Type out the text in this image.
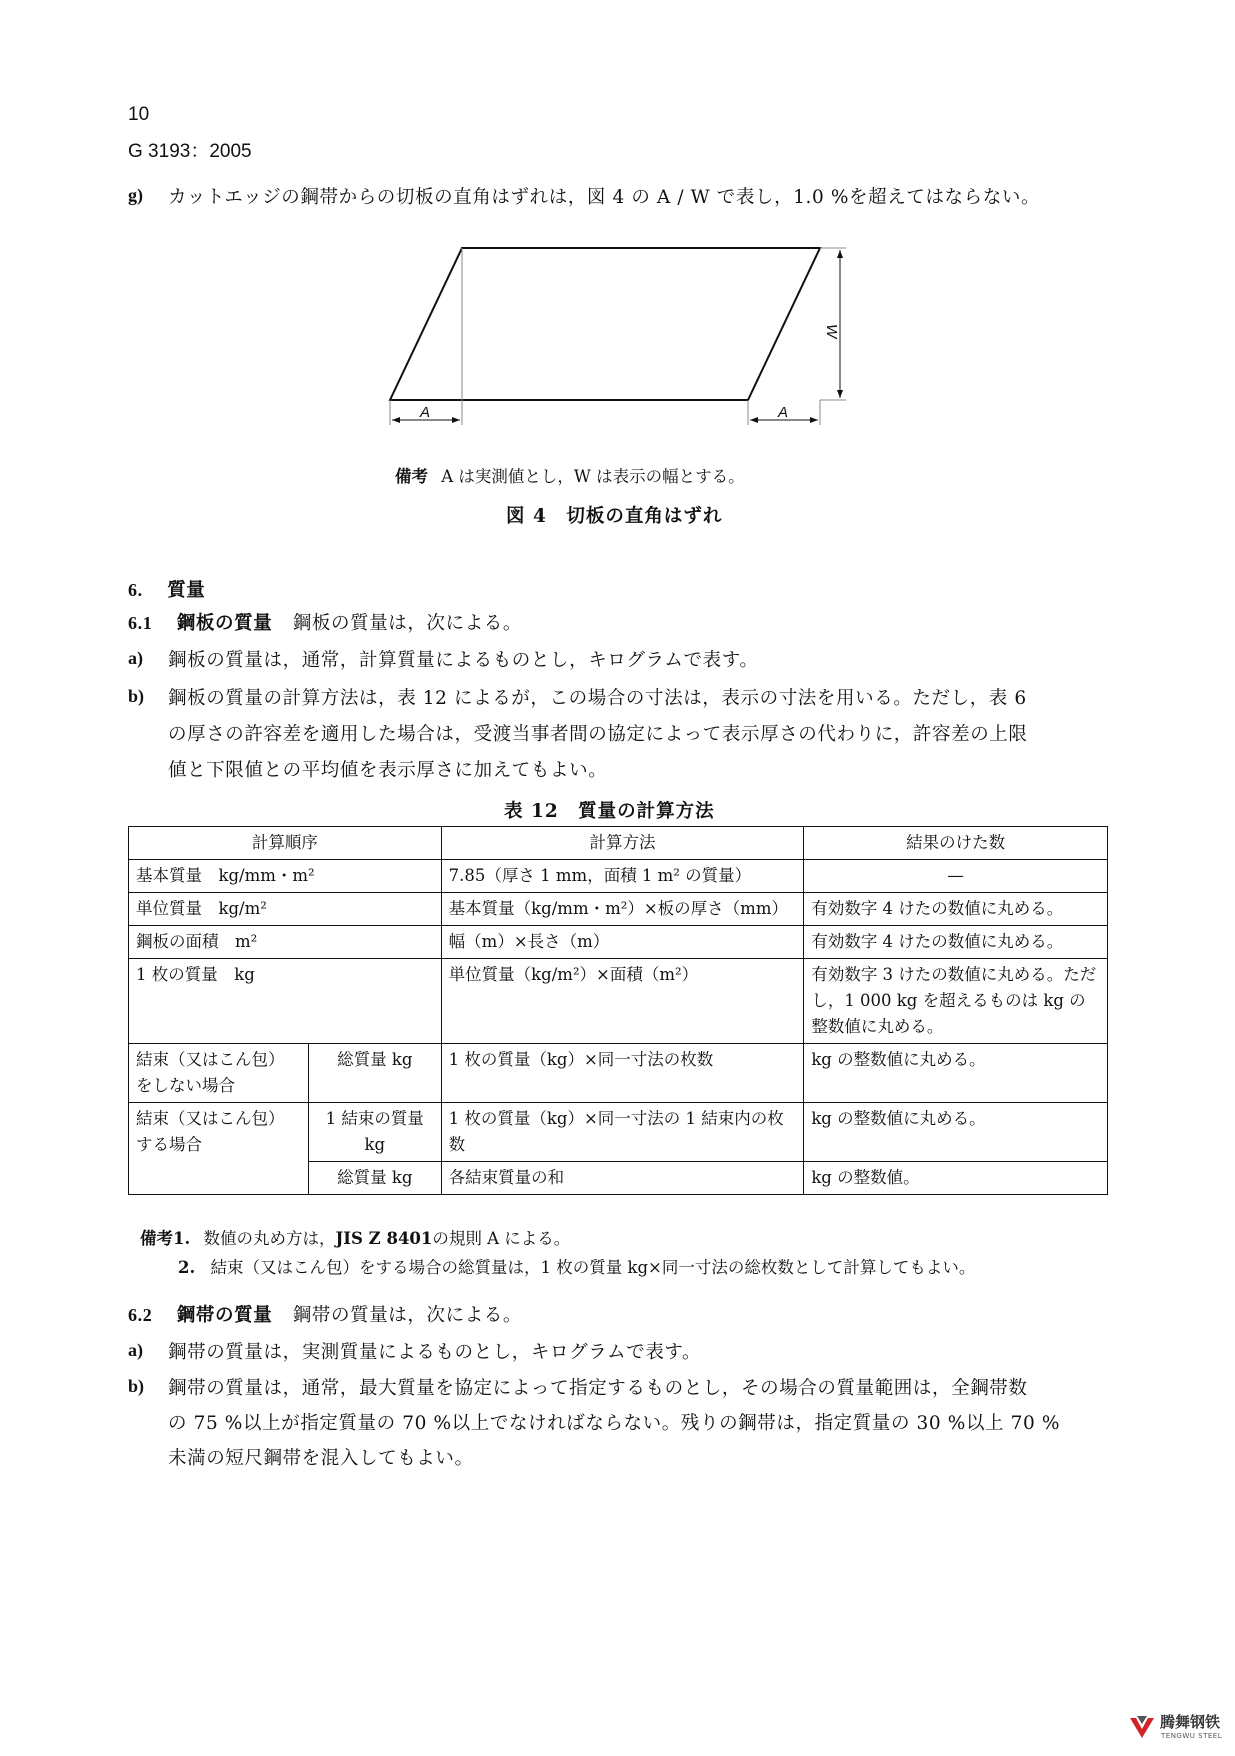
10
G 3193：2005
g) カットエッジの鋼帯からの切板の直角はずれは，図 4 の A / W で表し，1.0 %を超えてはならない。
A	A
W
備考 A は実測値とし，W は表示の幅とする。
図 4　切板の直角はずれ
6. 質量
6.1 鋼板の質量 鋼板の質量は，次による。
a) 鋼板の質量は，通常，計算質量によるものとし，キログラムで表す。
b) 鋼板の質量の計算方法は，表 12 によるが，この場合の寸法は，表示の寸法を用いる。ただし，表 6
の厚さの許容差を適用した場合は，受渡当事者間の協定によって表示厚さの代わりに，許容差の上限
値と下限値との平均値を表示厚さに加えてもよい。
表 12　質量の計算方法
計算順序		計算方法	結果のけた数
基本質量　kg/mm・m²		7.85（厚さ 1 mm，面積 1 m² の質量）	—
単位質量　kg/m²		基本質量（kg/mm・m²）×板の厚さ（mm）	有効数字 4 けたの数値に丸める。
鋼板の面積　m²		幅（m）×長さ（m）	有効数字 4 けたの数値に丸める。
1 枚の質量　kg		単位質量（kg/m²）×面積（m²）	有効数字 3 けたの数値に丸める。ただし，1 000 kg を超えるものは kg の整数値に丸める。
結束（又はこん包）をしない場合	総質量 kg	1 枚の質量（kg）×同一寸法の枚数	kg の整数値に丸める。
結束（又はこん包）する場合	1 結束の質量 kg	1 枚の質量（kg）×同一寸法の 1 結束内の枚数	kg の整数値に丸める。
	総質量 kg	各結束質量の和	kg の整数値。
備考1. 数値の丸め方は，JIS Z 8401の規則 A による。
2. 結束（又はこん包）をする場合の総質量は，1 枚の質量 kg×同一寸法の総枚数として計算してもよい。
6.2 鋼帯の質量 鋼帯の質量は，次による。
a) 鋼帯の質量は，実測質量によるものとし，キログラムで表す。
b) 鋼帯の質量は，通常，最大質量を協定によって指定するものとし，その場合の質量範囲は，全鋼帯数
の 75 %以上が指定質量の 70 %以上でなければならない。残りの鋼帯は，指定質量の 30 %以上 70 %
未満の短尺鋼帯を混入してもよい。
腾舞钢铁
TENGWU STEEL
